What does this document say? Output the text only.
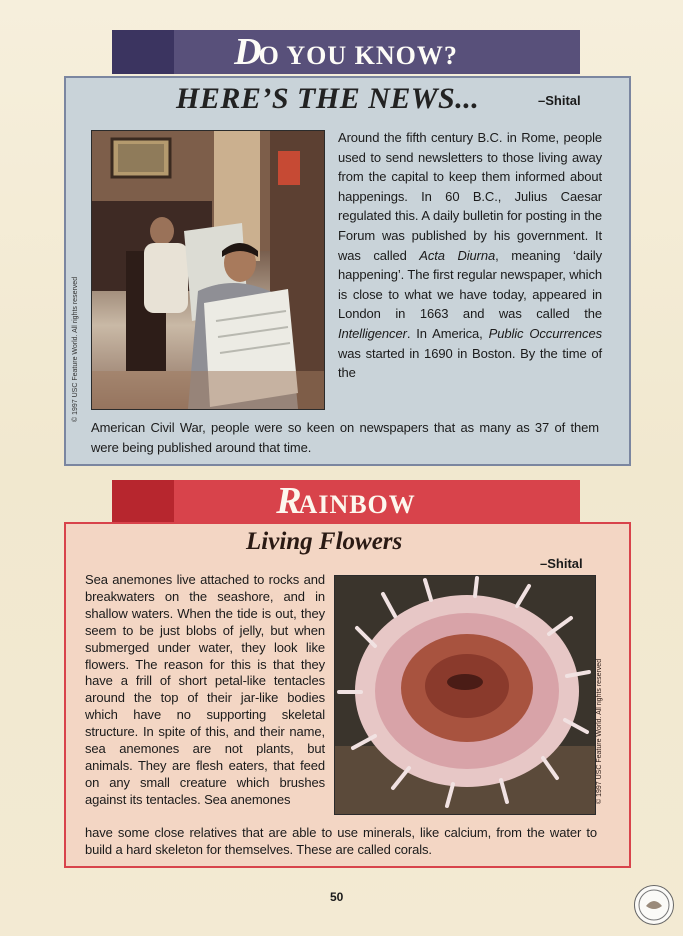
DO YOU KNOW?
HERE’S THE NEWS...	–Shital
Around the fifth century B.C. in Rome, people used to send newsletters to those living away from the capital to keep them informed about happenings. In 60 B.C., Julius Caesar regulated this. A daily bulletin for posting in the Forum was published by his government. It was called Acta Diurna, meaning ‘daily happening’. The first regular newspaper, which is close to what we have today, appeared in London in 1663 and was called the Intelligencer. In America, Public Occurrences was started in 1690 in Boston. By the time of the
American Civil War, people were so keen on newspapers that as many as 37 of them were being published around that time.
© 1997 USC Feature World. All rights reserved
RAINBOW
Living Flowers
–Shital
Sea anemones live attached to rocks and breakwaters on the seashore, and in shallow waters. When the tide is out, they seem to be just blobs of jelly, but when submerged under water, they look like flowers. The reason for this is that they have a frill of short petal-like tentacles around the top of their jar-like bodies which have no supporting skeletal structure. In spite of this, and their name, sea anemones are not plants, but animals. They are flesh eaters, that feed on any small creature which brushes against its tentacles. Sea anemones
have some close relatives that are able to use minerals, like calcium, from the water to build a hard skeleton for themselves. These are called corals.
© 1997 USC Feature World. All rights reserved
50
